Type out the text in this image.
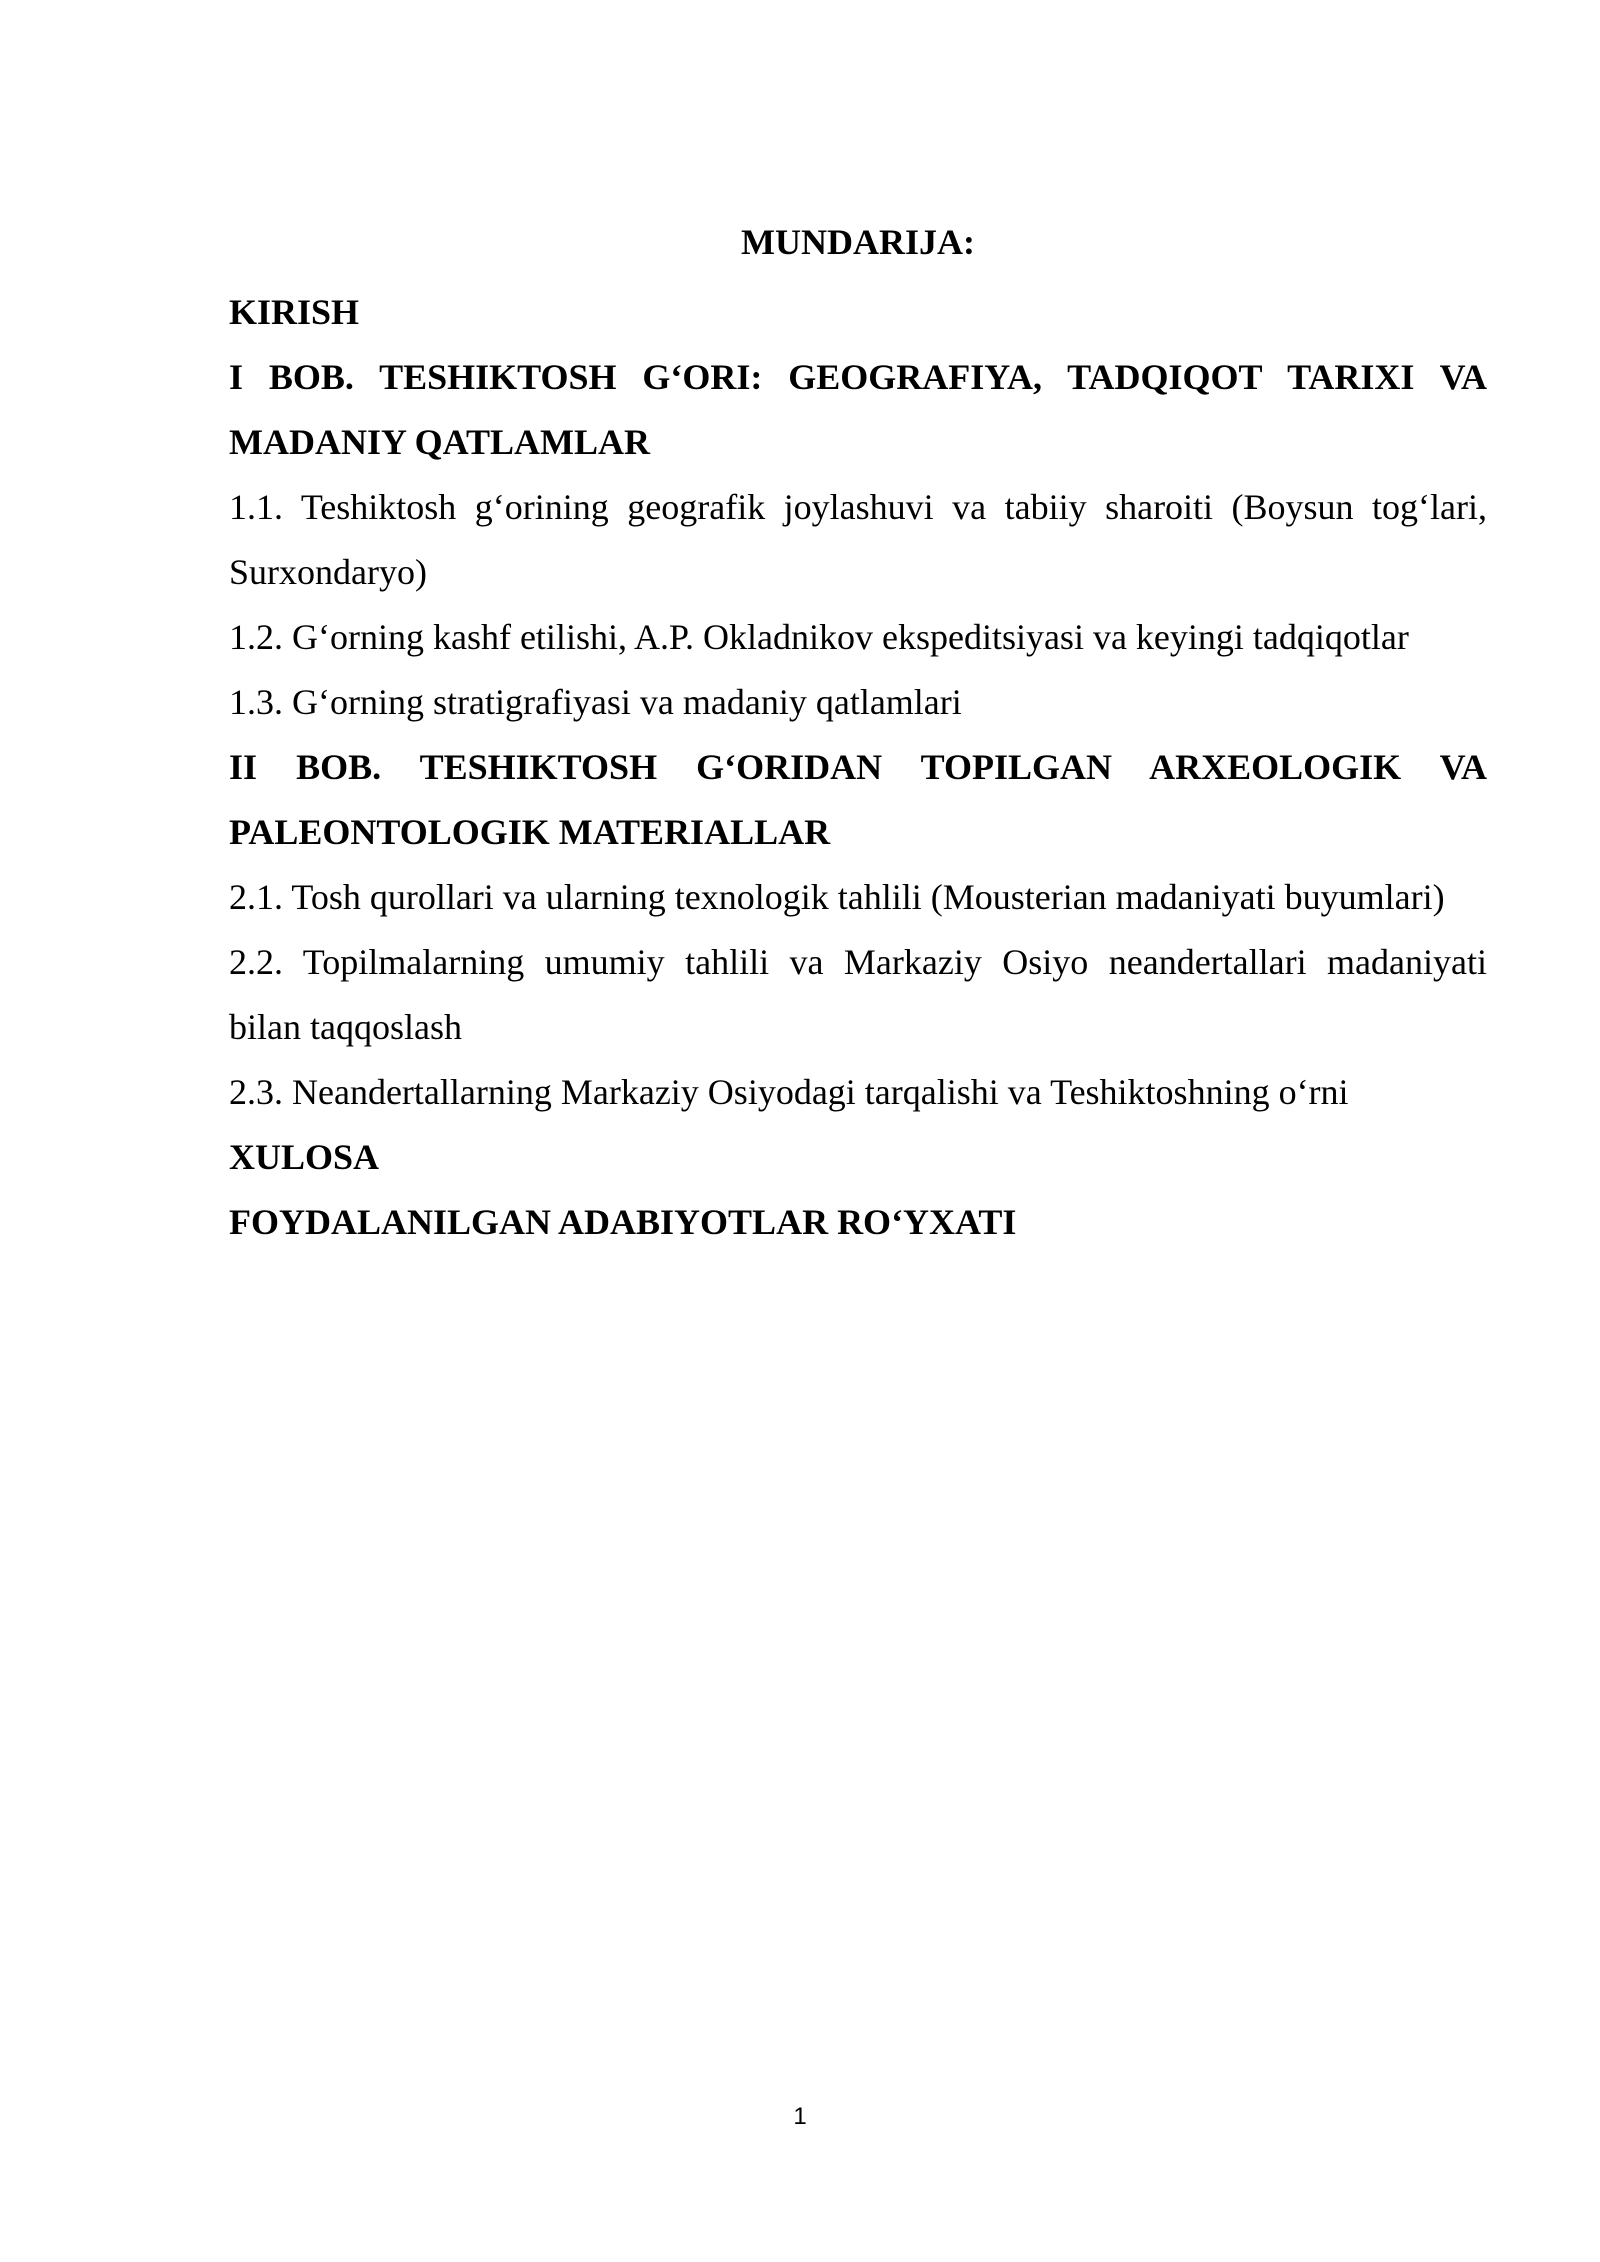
MUNDARIJA:

KIRISH

I BOB. TESHIKTOSH G‘ORI: GEOGRAFIYA, TADQIQOT TARIXI VA

MADANIY QATLAMLAR

1.1. Teshiktosh g‘orining geografik joylashuvi va tabiiy sharoiti (Boysun tog‘lari,

Surxondaryo)

1.2. G‘orning kashf etilishi, A.P. Okladnikov ekspeditsiyasi va keyingi tadqiqotlar

1.3. G‘orning stratigrafiyasi va madaniy qatlamlari

II BOB. TESHIKTOSH G‘ORIDAN TOPILGAN ARXEOLOGIK VA

PALEONTOLOGIK MATERIALLAR

2.1. Tosh qurollari va ularning texnologik tahlili (Mousterian madaniyati buyumlari)

2.2. Topilmalarning umumiy tahlili va Markaziy Osiyo neandertallari madaniyati

bilan taqqoslash

2.3. Neandertallarning Markaziy Osiyodagi tarqalishi va Teshiktoshning o‘rni

XULOSA

FOYDALANILGAN ADABIYOTLAR RO‘YXATI

1
